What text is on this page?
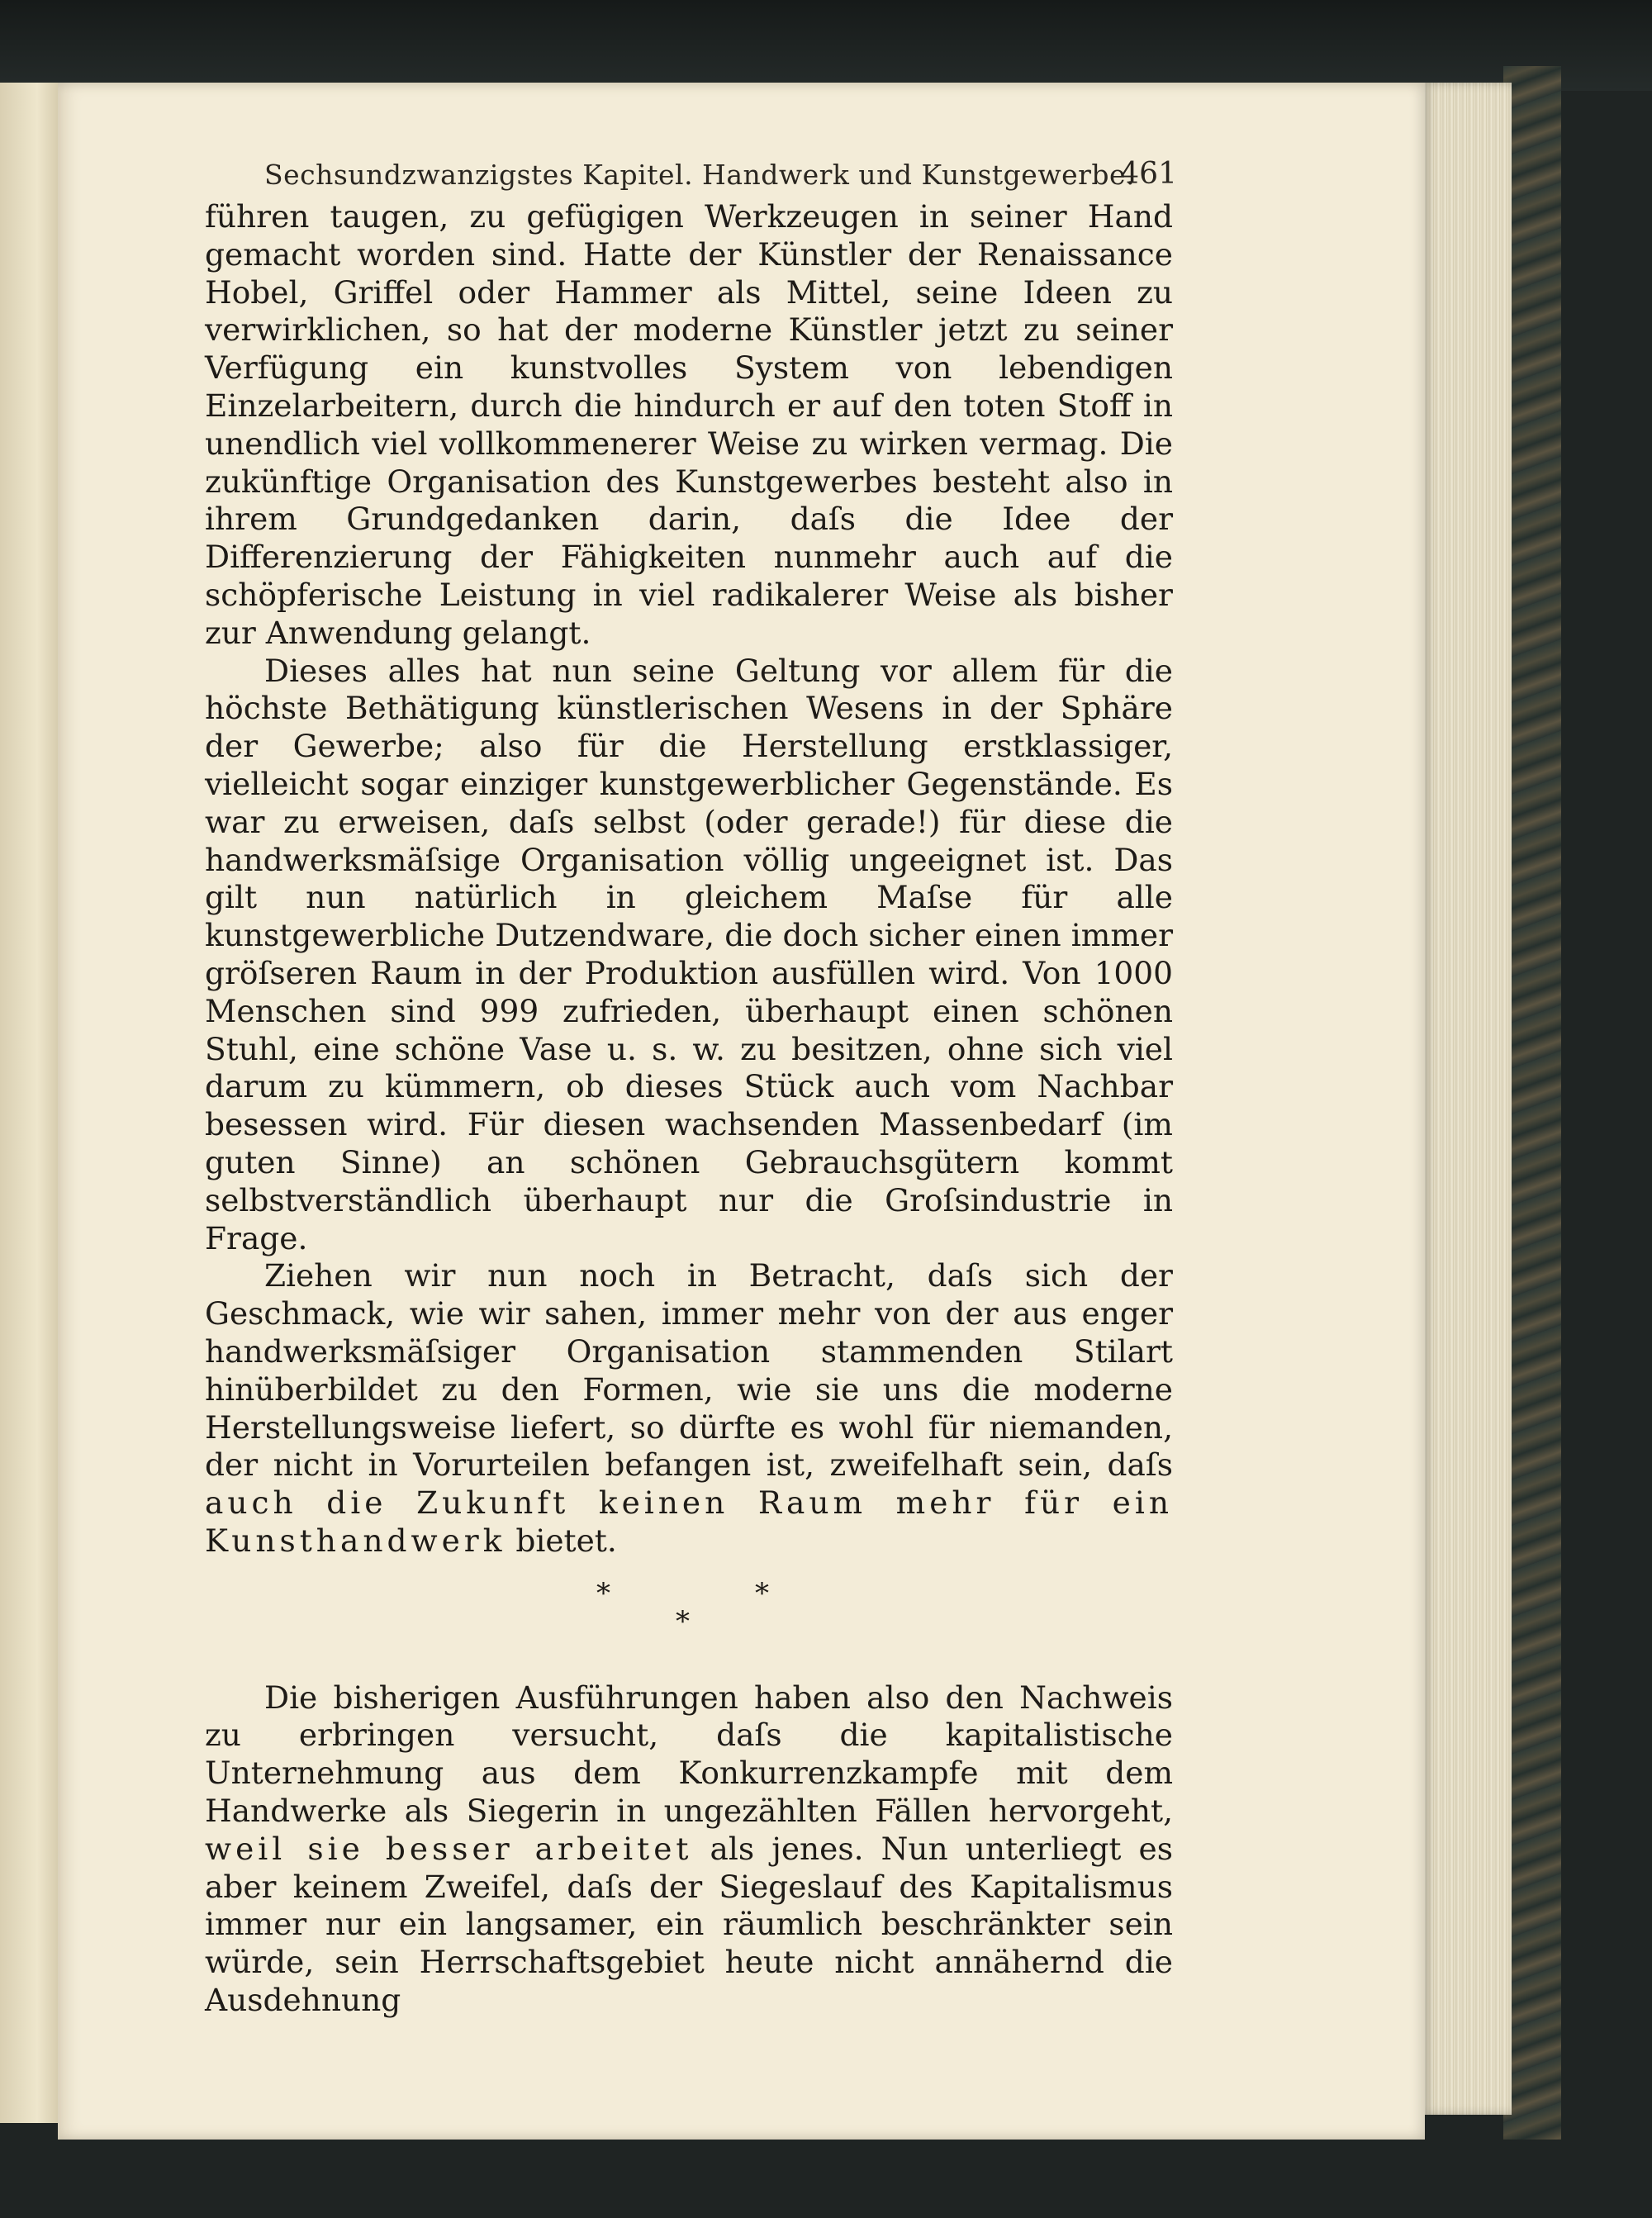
Sechsundzwanzigstes Kapitel. Handwerk und Kunstgewerbe.
461

führen taugen, zu gefügigen Werkzeugen in seiner Hand gemacht worden sind. Hatte der Künstler der Renaissance Hobel, Griffel oder Hammer als Mittel, seine Ideen zu verwirklichen, so hat der moderne Künstler jetzt zu seiner Verfügung ein kunstvolles System von lebendigen Einzelarbeitern, durch die hindurch er auf den toten Stoff in unendlich viel vollkommenerer Weise zu wirken vermag. Die zukünftige Organisation des Kunstgewerbes besteht also in ihrem Grundgedanken darin, daſs die Idee der Differenzierung der Fähigkeiten nunmehr auch auf die schöpferische Leistung in viel radikalerer Weise als bisher zur Anwendung gelangt.

Dieses alles hat nun seine Geltung vor allem für die höchste Bethätigung künstlerischen Wesens in der Sphäre der Gewerbe; also für die Herstellung erstklassiger, vielleicht sogar einziger kunstgewerblicher Gegenstände. Es war zu erweisen, daſs selbst (oder gerade!) für diese die handwerksmäſsige Organisation völlig ungeeignet ist. Das gilt nun natürlich in gleichem Maſse für alle kunstgewerbliche Dutzendware, die doch sicher einen immer gröſseren Raum in der Produktion ausfüllen wird. Von 1000 Menschen sind 999 zufrieden, überhaupt einen schönen Stuhl, eine schöne Vase u. s. w. zu besitzen, ohne sich viel darum zu kümmern, ob dieses Stück auch vom Nachbar besessen wird. Für diesen wachsenden Massenbedarf (im guten Sinne) an schönen Gebrauchsgütern kommt selbstverständlich überhaupt nur die Groſsindustrie in Frage.

Ziehen wir nun noch in Betracht, daſs sich der Geschmack, wie wir sahen, immer mehr von der aus enger handwerksmäſsiger Organisation stammenden Stilart hinüberbildet zu den Formen, wie sie uns die moderne Herstellungsweise liefert, so dürfte es wohl für niemanden, der nicht in Vorurteilen befangen ist, zweifelhaft sein, daſs auch die Zukunft keinen Raum mehr für ein Kunsthandwerk bietet.

*	*
*

Die bisherigen Ausführungen haben also den Nachweis zu erbringen versucht, daſs die kapitalistische Unternehmung aus dem Konkurrenzkampfe mit dem Handwerke als Siegerin in ungezählten Fällen hervorgeht, weil sie besser arbeitet als jenes. Nun unterliegt es aber keinem Zweifel, daſs der Siegeslauf des Kapitalismus immer nur ein langsamer, ein räumlich beschränkter sein würde, sein Herrschaftsgebiet heute nicht annähernd die Ausdehnung
